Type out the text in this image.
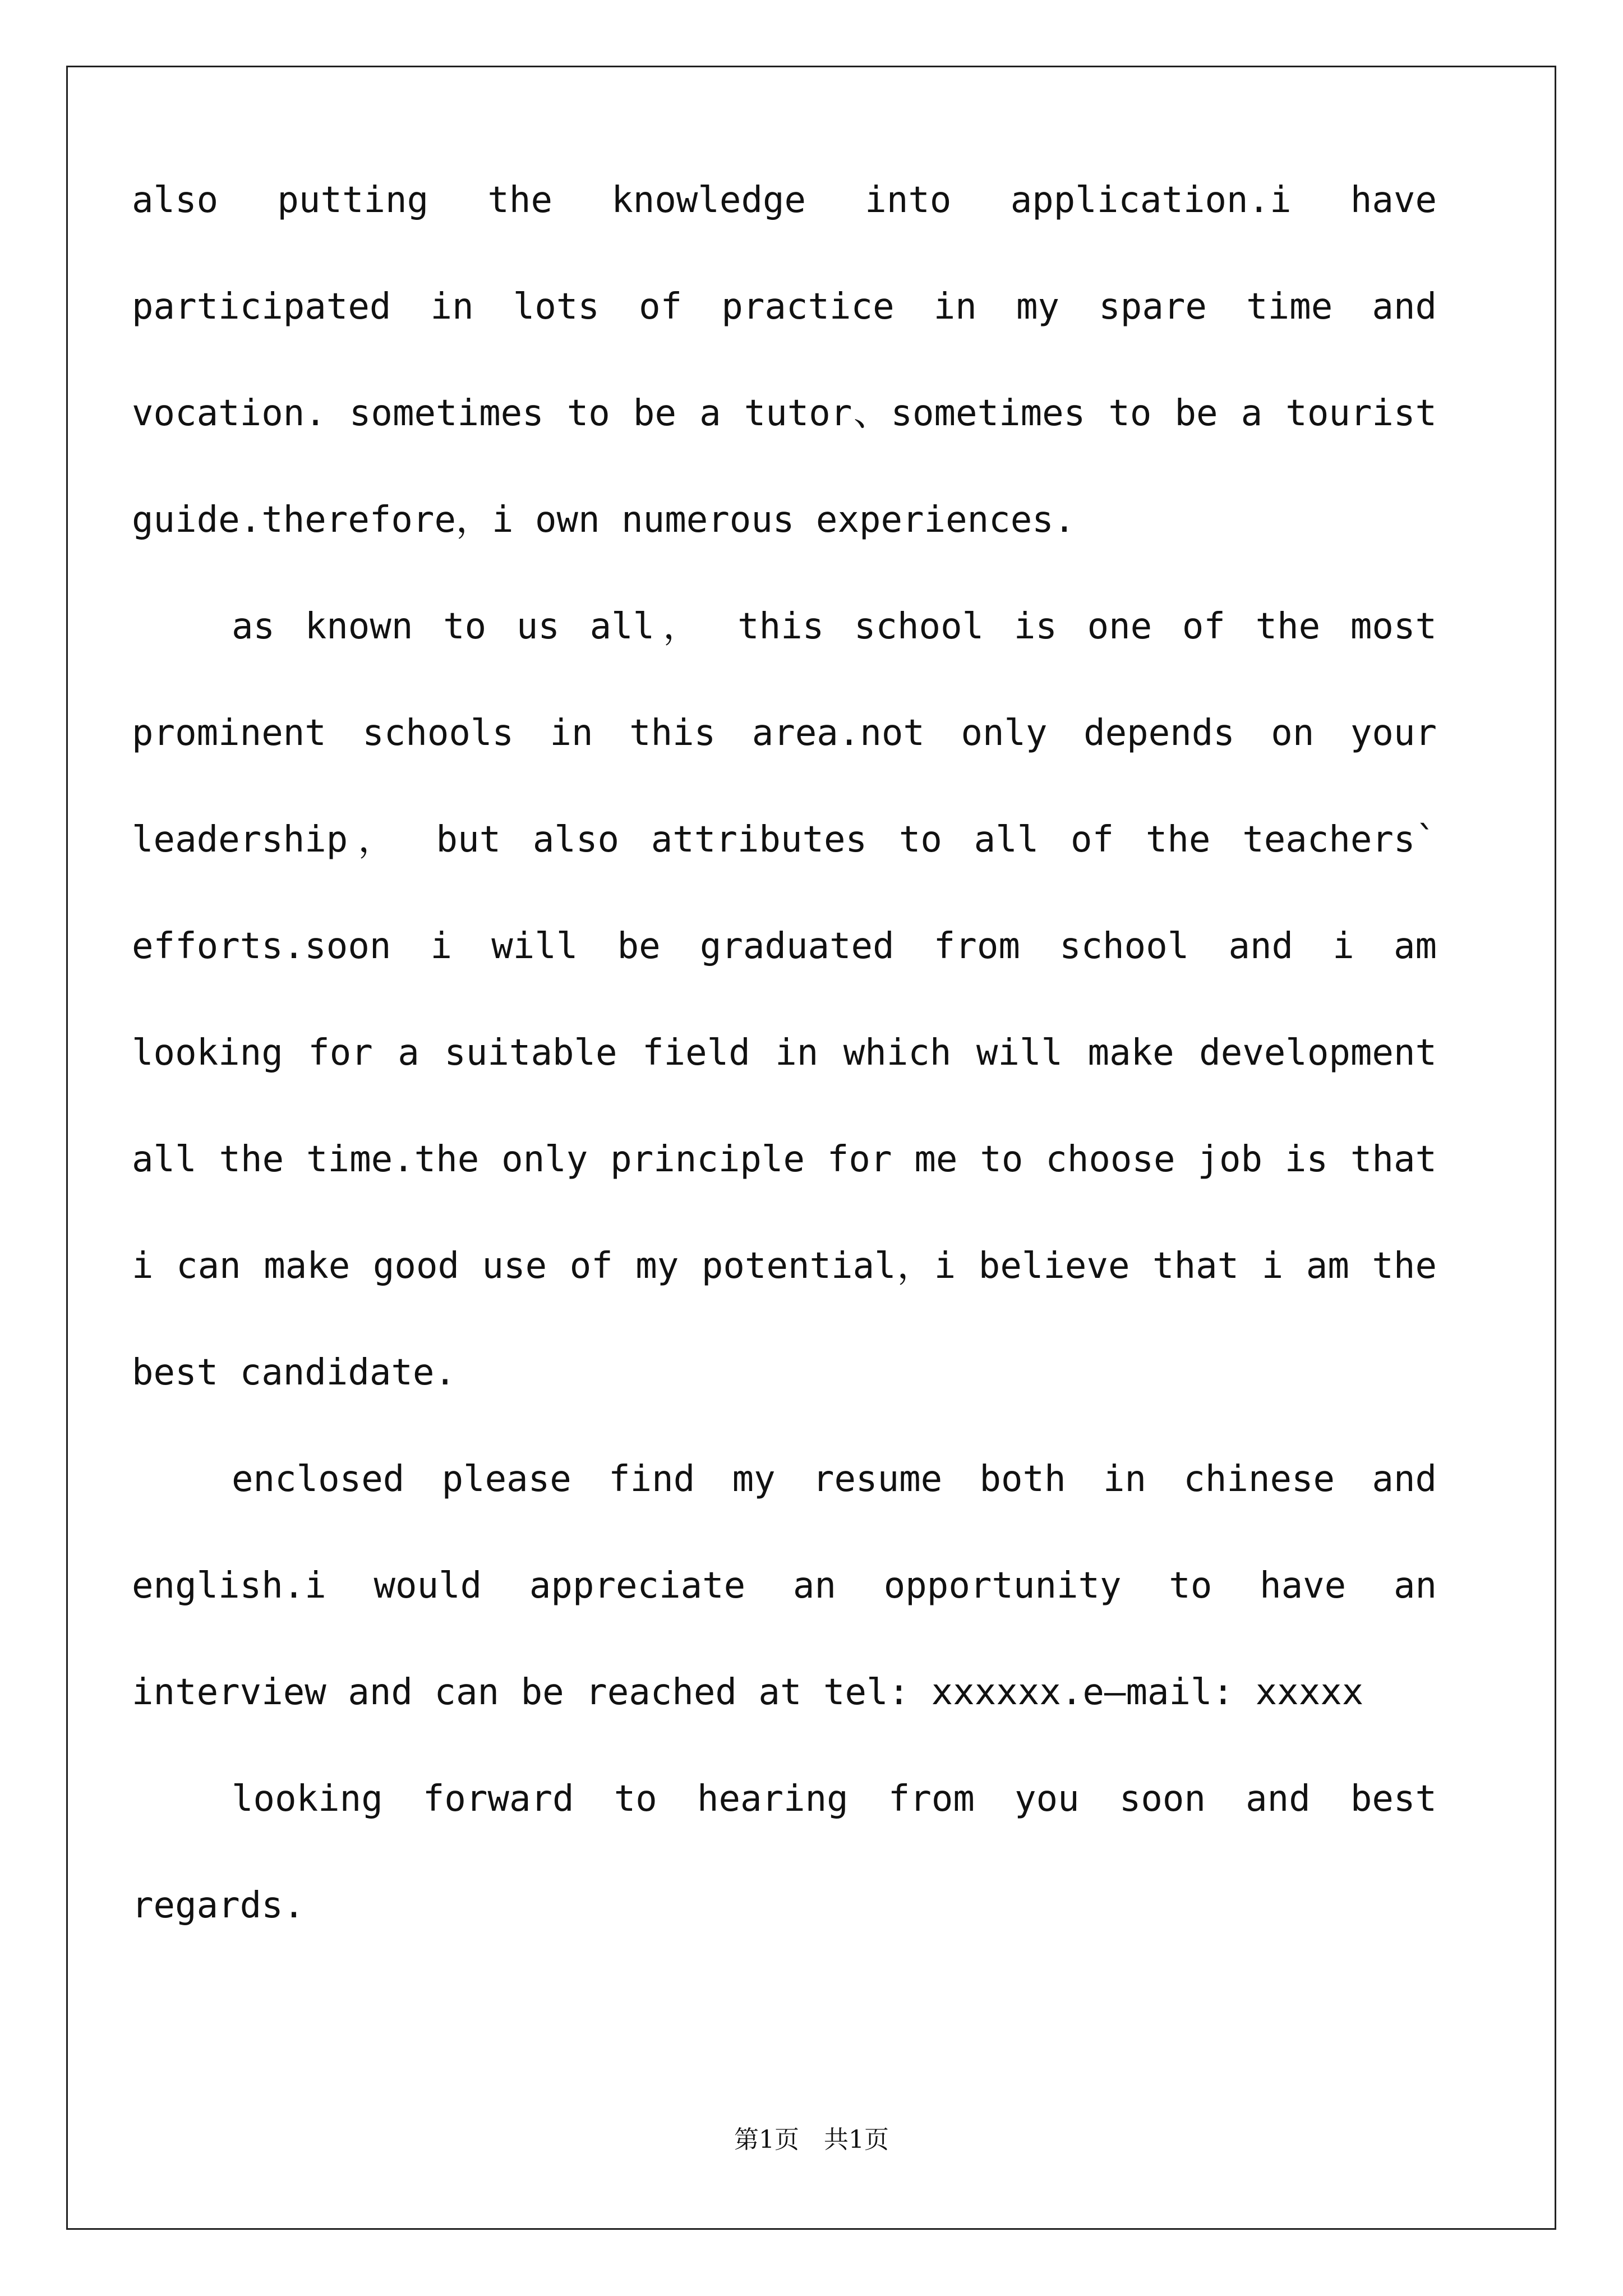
also putting the knowledge into application.i have participated in lots of practice in my spare time and vocation. sometimes to be a tutor、sometimes to be a tourist guide.therefore，i own numerous experiences.

as known to us all， this school is one of the most prominent schools in this area.not only depends on your leadership， but also attributes to all of the teachers` efforts.soon i will be graduated from school and i am looking for a suitable field in which will make development all the time.the only principle for me to choose job is that i can make good use of my potential，i believe that i am the best candidate.

enclosed please find my resume both in chinese and english.i would appreciate an opportunity to have an interview and can be reached at tel: xxxxxx.e—mail: xxxxx

looking forward to hearing from you soon and best regards.

第1页 共1页
